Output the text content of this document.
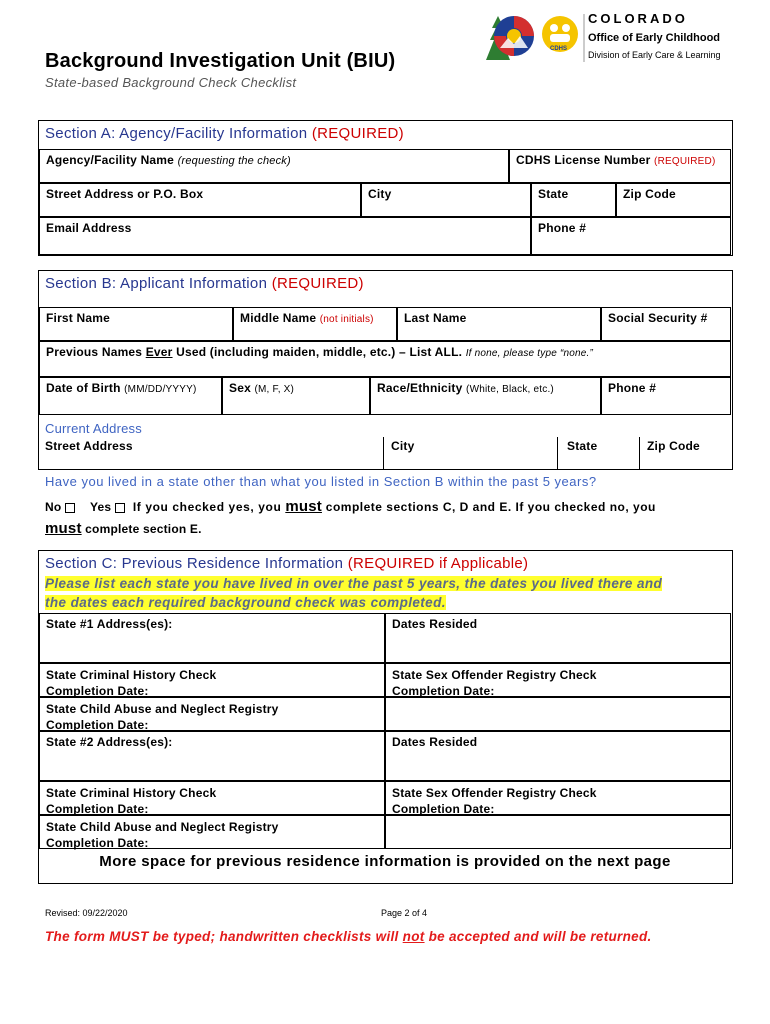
Background Investigation Unit (BIU)
State-based Background Check Checklist
CDHS
COLORADO
Office of Early Childhood
Division of Early Care & Learning
Section A: Agency/Facility Information (REQUIRED)
Agency/Facility Name (requesting the check)	CDHS License Number (REQUIRED)
Street Address or P.O. Box	City	State	Zip Code
Email Address	Phone #
Section B: Applicant Information (REQUIRED)
First Name	Middle Name (not initials)	Last Name	Social Security #
Previous Names Ever Used (including maiden, middle, etc.) – List ALL. If none, please type “none.”
Date of Birth (MM/DD/YYYY)	Sex (M, F, X)	Race/Ethnicity (White, Black, etc.)	Phone #
Current Address
Street Address	City	State	Zip Code
Have you lived in a state other than what you listed in Section B within the past 5 years?
No Yes If you checked yes, you must complete sections C, D and E. If you checked no, you
must complete section E.
Section C: Previous Residence Information (REQUIRED if Applicable)
Please list each state you have lived in over the past 5 years, the dates you lived there and
the dates each required background check was completed.
State #1 Address(es):	Dates Resided
State Criminal History Check
Completion Date:
State Sex Offender Registry Check
Completion Date:
State Child Abuse and Neglect Registry
Completion Date:
State #2 Address(es):	Dates Resided
State Criminal History Check
Completion Date:
State Sex Offender Registry Check
Completion Date:
State Child Abuse and Neglect Registry
Completion Date:
More space for previous residence information is provided on the next page
Revised: 09/22/2020	Page 2 of 4
The form MUST be typed; handwritten checklists will not be accepted and will be returned.
